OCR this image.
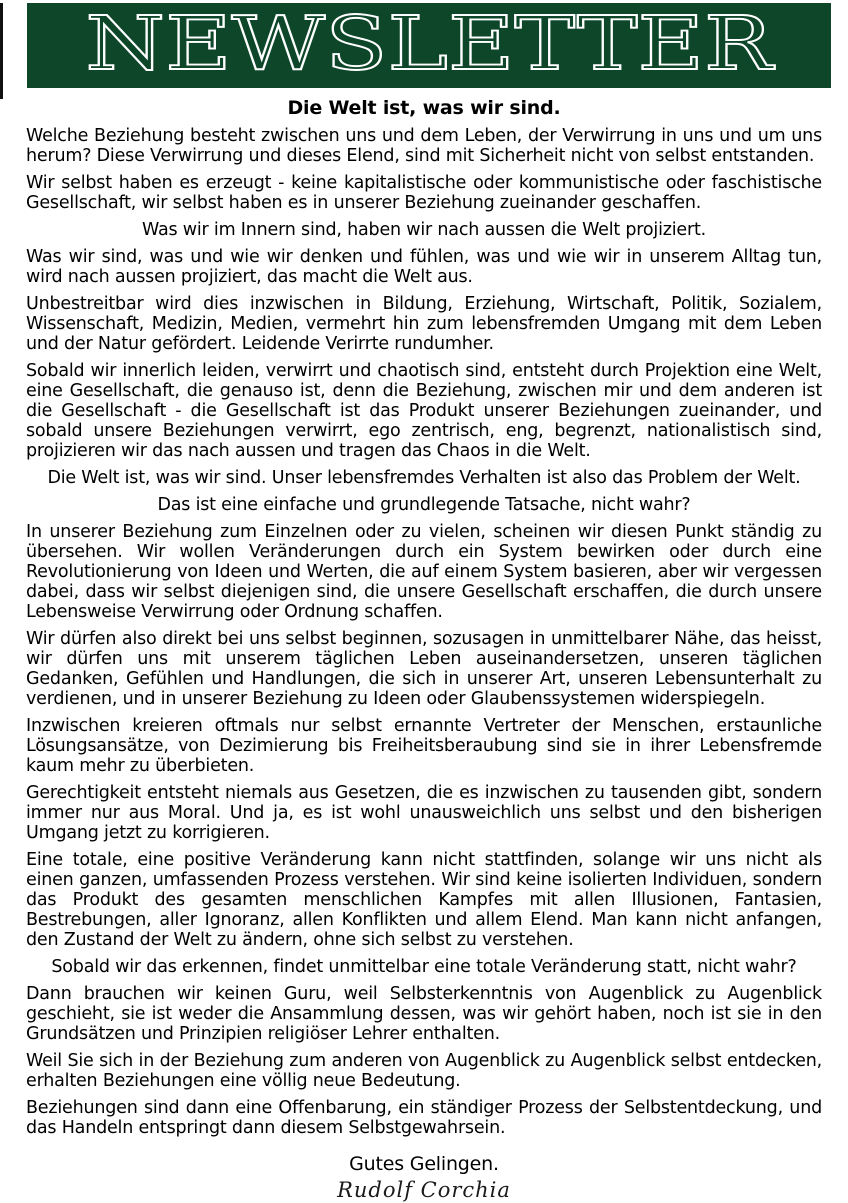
NEWSLETTER
Die Welt ist, was wir sind.

Welche Beziehung besteht zwischen uns und dem Leben, der Verwirrung in uns und um uns herum? Diese Verwirrung und dieses Elend, sind mit Sicherheit nicht von selbst entstanden.

Wir selbst haben es erzeugt - keine kapitalistische oder kommunistische oder faschistische Gesellschaft, wir selbst haben es in unserer Beziehung zueinander geschaffen.

Was wir im Innern sind, haben wir nach aussen die Welt projiziert.

Was wir sind, was und wie wir denken und fühlen, was und wie wir in unserem Alltag tun, wird nach aussen projiziert, das macht die Welt aus.

Unbestreitbar wird dies inzwischen in Bildung, Erziehung, Wirtschaft, Politik, Sozialem, Wissenschaft, Medizin, Medien, vermehrt hin zum lebensfremden Umgang mit dem Leben und der Natur gefördert. Leidende Verirrte rundumher.

Sobald wir innerlich leiden, verwirrt und chaotisch sind, entsteht durch Projektion eine Welt, eine Gesellschaft, die genauso ist, denn die Beziehung, zwischen mir und dem anderen ist die Gesellschaft - die Gesellschaft ist das Produkt unserer Beziehungen zueinander, und sobald unsere Beziehungen verwirrt, ego zentrisch, eng, begrenzt, nationalistisch sind, projizieren wir das nach aussen und tragen das Chaos in die Welt.

Die Welt ist, was wir sind. Unser lebensfremdes Verhalten ist also das Problem der Welt.

Das ist eine einfache und grundlegende Tatsache, nicht wahr?

In unserer Beziehung zum Einzelnen oder zu vielen, scheinen wir diesen Punkt ständig zu übersehen. Wir wollen Veränderungen durch ein System bewirken oder durch eine Revolutionierung von Ideen und Werten, die auf einem System basieren, aber wir vergessen dabei, dass wir selbst diejenigen sind, die unsere Gesellschaft erschaffen, die durch unsere Lebensweise Verwirrung oder Ordnung schaffen.

Wir dürfen also direkt bei uns selbst beginnen, sozusagen in unmittelbarer Nähe, das heisst, wir dürfen uns mit unserem täglichen Leben auseinandersetzen, unseren täglichen Gedanken, Gefühlen und Handlungen, die sich in unserer Art, unseren Lebensunterhalt zu verdienen, und in unserer Beziehung zu Ideen oder Glaubenssystemen widerspiegeln.

Inzwischen kreieren oftmals nur selbst ernannte Vertreter der Menschen, erstaunliche Lösungsansätze, von Dezimierung bis Freiheitsberaubung sind sie in ihrer Lebensfremde kaum mehr zu überbieten.

Gerechtigkeit entsteht niemals aus Gesetzen, die es inzwischen zu tausenden gibt, sondern immer nur aus Moral. Und ja, es ist wohl unausweichlich uns selbst und den bisherigen Umgang jetzt zu korrigieren.

Eine totale, eine positive Veränderung kann nicht stattfinden, solange wir uns nicht als einen ganzen, umfassenden Prozess verstehen. Wir sind keine isolierten Individuen, sondern das Produkt des gesamten menschlichen Kampfes mit allen Illusionen, Fantasien, Bestrebungen, aller Ignoranz, allen Konflikten und allem Elend. Man kann nicht anfangen, den Zustand der Welt zu ändern, ohne sich selbst zu verstehen.

Sobald wir das erkennen, findet unmittelbar eine totale Veränderung statt, nicht wahr?

Dann brauchen wir keinen Guru, weil Selbsterkenntnis von Augenblick zu Augenblick geschieht, sie ist weder die Ansammlung dessen, was wir gehört haben, noch ist sie in den Grundsätzen und Prinzipien religiöser Lehrer enthalten.

Weil Sie sich in der Beziehung zum anderen von Augenblick zu Augenblick selbst entdecken, erhalten Beziehungen eine völlig neue Bedeutung.

Beziehungen sind dann eine Offenbarung, ein ständiger Prozess der Selbstentdeckung, und das Handeln entspringt dann diesem Selbstgewahrsein.

Gutes Gelingen.
Rudolf Corchia
